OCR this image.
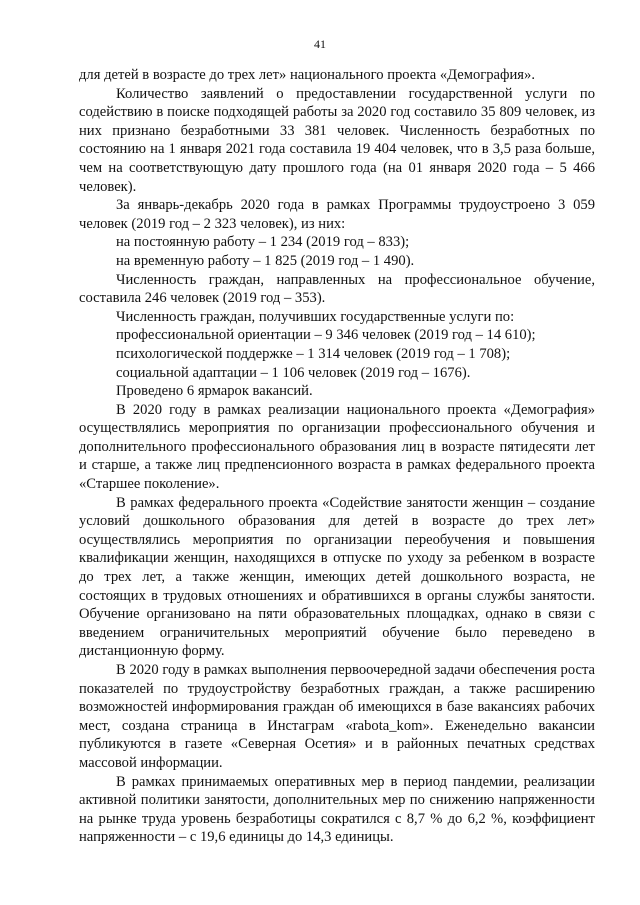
41

для детей в возрасте до трех лет» национального проекта «Демография».

Количество заявлений о предоставлении государственной услуги по содействию в поиске подходящей работы за 2020 год составило 35 809 человек, из них признано безработными 33 381 человек. Численность безработных по состоянию на 1 января 2021 года составила 19 404 человек, что в 3,5 раза больше, чем на соответствующую дату прошлого года (на 01 января 2020 года – 5 466 человек).

За январь-декабрь 2020 года в рамках Программы трудоустроено 3 059 человек (2019 год – 2 323 человек), из них:

на постоянную работу – 1 234 (2019 год – 833);

на временную работу – 1 825 (2019 год – 1 490).

Численность граждан, направленных на профессиональное обучение, составила 246 человек (2019 год – 353).

Численность граждан, получивших государственные услуги по:

профессиональной ориентации – 9 346 человек (2019 год – 14 610);

психологической поддержке – 1 314 человек (2019 год – 1 708);

социальной адаптации – 1 106 человек (2019 год – 1676).

Проведено 6 ярмарок вакансий.

В 2020 году в рамках реализации национального проекта «Демография» осуществлялись мероприятия по организации профессионального обучения и дополнительного профессионального образования лиц в возрасте пятидесяти лет и старше, а также лиц предпенсионного возраста в рамках федерального проекта «Старшее поколение».

В рамках федерального проекта «Содействие занятости женщин – создание условий дошкольного образования для детей в возрасте до трех лет» осуществлялись мероприятия по организации переобучения и повышения квалификации женщин, находящихся в отпуске по уходу за ребенком в возрасте до трех лет, а также женщин, имеющих детей дошкольного возраста, не состоящих в трудовых отношениях и обратившихся в органы службы занятости. Обучение организовано на пяти образовательных площадках, однако в связи с введением ограничительных мероприятий обучение было переведено в дистанционную форму.

В 2020 году в рамках выполнения первоочередной задачи обеспечения роста показателей по трудоустройству безработных граждан, а также расширению возможностей информирования граждан об имеющихся в базе вакансиях рабочих мест, создана страница в Инстаграм «rabota_kom». Еженедельно вакансии публикуются в газете «Северная Осетия» и в районных печатных средствах массовой информации.

В рамках принимаемых оперативных мер в период пандемии, реализации активной политики занятости, дополнительных мер по снижению напряженности на рынке труда уровень безработицы сократился с 8,7 % до 6,2 %, коэффициент напряженности – с 19,6 единицы до 14,3 единицы.
